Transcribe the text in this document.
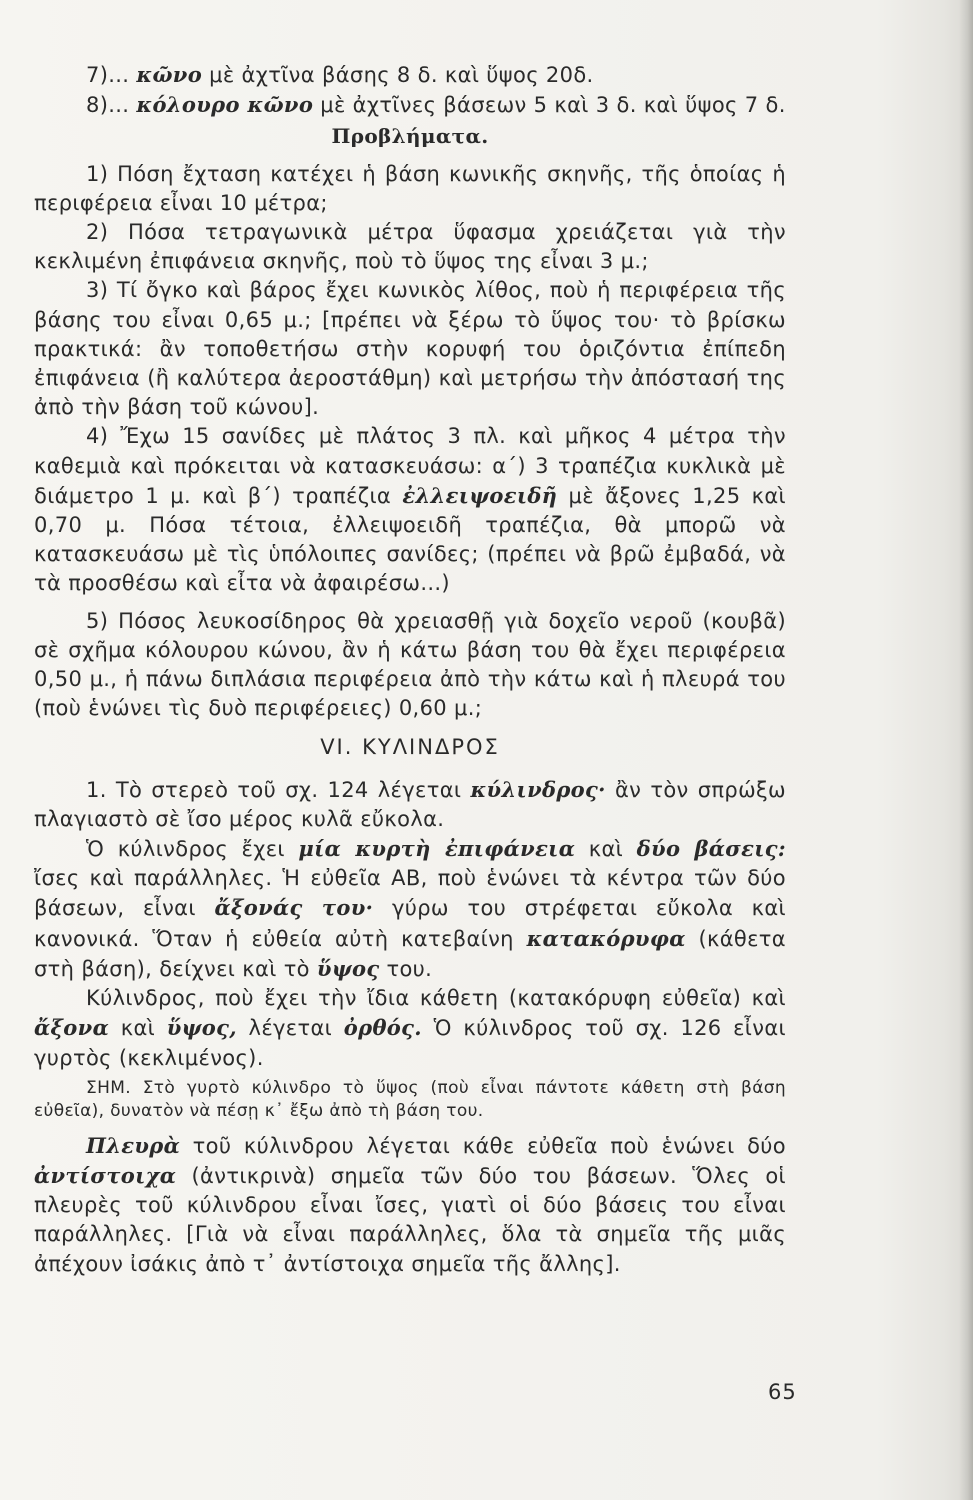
7)... κῶνο μὲ ἀχτῖνα βάσης 8 δ. καὶ ὕψος 20δ.

8)... κόλουρο κῶνο μὲ ἀχτῖνες βάσεων 5 καὶ 3 δ. καὶ ὕψος 7 δ.

Προβλήματα.

1) Πόση ἔχταση κατέχει ἡ βάση κωνικῆς σκηνῆς, τῆς ὁποίας ἡ περιφέρεια εἶναι 10 μέτρα;

2) Πόσα τετραγωνικὰ μέτρα ὕφασμα χρειάζεται γιὰ τὴν κεκλιμένη ἐπιφάνεια σκηνῆς, ποὺ τὸ ὕψος της εἶναι 3 μ.;

3) Τί ὄγκο καὶ βάρος ἔχει κωνικὸς λίθος, ποὺ ἡ περιφέρεια τῆς βάσης του εἶναι 0,65 μ.; [πρέπει νὰ ξέρω τὸ ὕψος του· τὸ βρίσκω πρακτικά: ἂν τοποθετήσω στὴν κορυφή του ὁριζόντια ἐπίπεδη ἐπιφάνεια (ἢ καλύτερα ἀεροστάθμη) καὶ μετρήσω τὴν ἀπόστασή της ἀπὸ τὴν βάση τοῦ κώνου].

4) Ἔχω 15 σανίδες μὲ πλάτος 3 πλ. καὶ μῆκος 4 μέτρα τὴν καθεμιὰ καὶ πρόκειται νὰ κατασκευάσω: α΄) 3 τραπέζια κυκλικὰ μὲ διάμετρο 1 μ. καὶ β΄) τραπέζια ἐλλειψοειδῆ μὲ ἄξονες 1,25 καὶ 0,70 μ. Πόσα τέτοια, ἐλλειψοειδῆ τραπέζια, θὰ μπορῶ νὰ κατασκευάσω μὲ τὶς ὑπόλοιπες σανίδες; (πρέπει νὰ βρῶ ἐμβαδά, νὰ τὰ προσθέσω καὶ εἶτα νὰ ἀφαιρέσω...)

5) Πόσος λευκοσίδηρος θὰ χρειασθῇ γιὰ δοχεῖο νεροῦ (κουβᾶ) σὲ σχῆμα κόλουρου κώνου, ἂν ἡ κάτω βάση του θὰ ἔχει περιφέρεια 0,50 μ., ἡ πάνω διπλάσια περιφέρεια ἀπὸ τὴν κάτω καὶ ἡ πλευρά του (ποὺ ἑνώνει τὶς δυὸ περιφέρειες) 0,60 μ.;

VI. ΚΥΛΙΝΔΡΟΣ

1. Τὸ στερεὸ τοῦ σχ. 124 λέγεται κύλινδρος· ἂν τὸν σπρώξω πλαγιαστὸ σὲ ἴσο μέρος κυλᾶ εὔκολα.

Ὁ κύλινδρος ἔχει μία κυρτὴ ἐπιφάνεια καὶ δύο βάσεις: ἴσες καὶ παράλληλες. Ἡ εὐθεῖα ΑΒ, ποὺ ἑνώνει τὰ κέντρα τῶν δύο βάσεων, εἶναι ἄξονάς του· γύρω του στρέφεται εὔκολα καὶ κανονικά. Ὅταν ἡ εὐθεία αὐτὴ κατεβαίνη κατακόρυφα (κάθετα στὴ βάση), δείχνει καὶ τὸ ὕψος του.

Κύλινδρος, ποὺ ἔχει τὴν ἴδια κάθετη (κατακόρυφη εὐθεῖα) καὶ ἄξονα καὶ ὕψος, λέγεται ὀρθός. Ὁ κύλινδρος τοῦ σχ. 126 εἶναι γυρτὸς (κεκλιμένος).

ΣΗΜ. Στὸ γυρτὸ κύλινδρο τὸ ὕψος (ποὺ εἶναι πάντοτε κάθετη στὴ βάση εὐθεῖα), δυνατὸν νὰ πέσῃ κ᾽ ἔξω ἀπὸ τὴ βάση του.

Πλευρὰ τοῦ κύλινδρου λέγεται κάθε εὐθεῖα ποὺ ἑνώνει δύο ἀντίστοιχα (ἀντικρινὰ) σημεῖα τῶν δύο του βάσεων. Ὅλες οἱ πλευρὲς τοῦ κύλινδρου εἶναι ἴσες, γιατὶ οἱ δύο βάσεις του εἶναι παράλληλες. [Γιὰ νὰ εἶναι παράλληλες, ὅλα τὰ σημεῖα τῆς μιᾶς ἀπέχουν ἰσάκις ἀπὸ τ᾽ ἀντίστοιχα σημεῖα τῆς ἄλλης].

65
